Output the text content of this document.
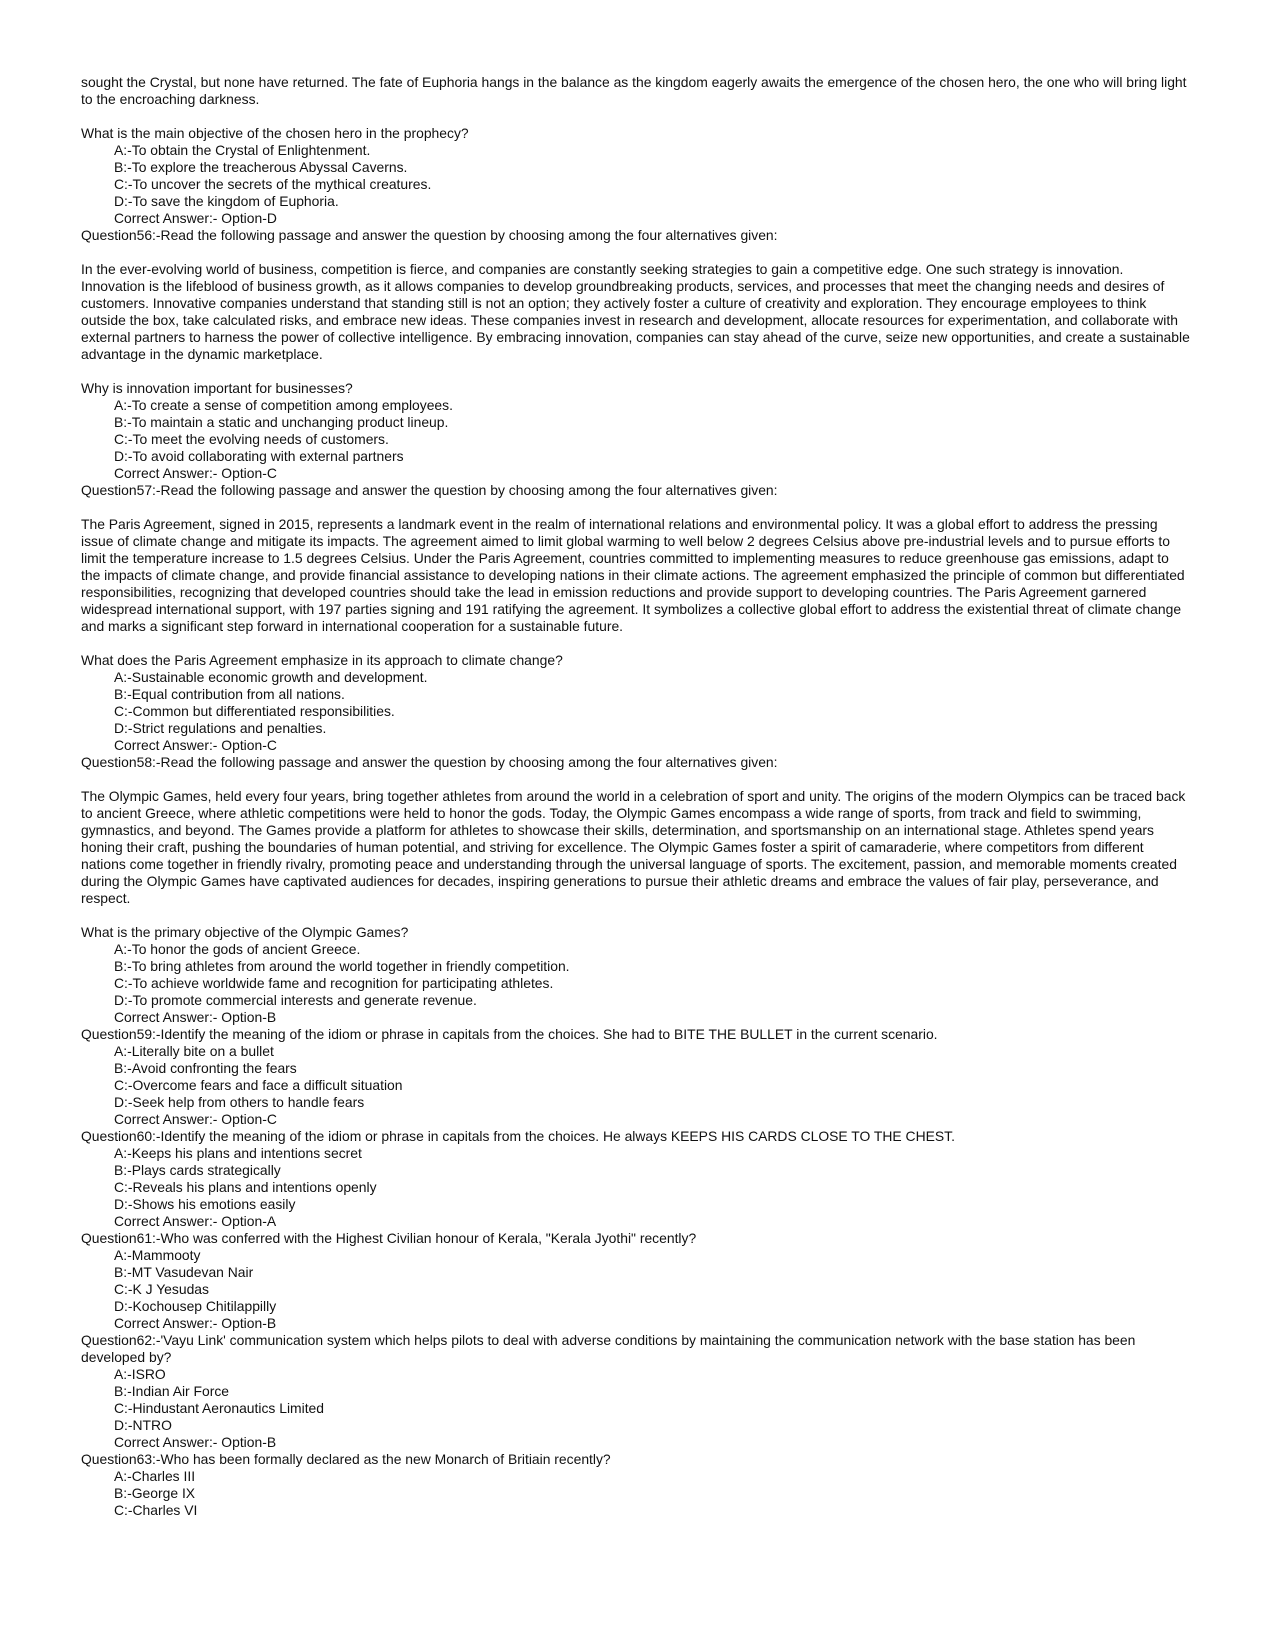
sought the Crystal, but none have returned. The fate of Euphoria hangs in the balance as the kingdom eagerly awaits the emergence of the chosen hero, the one who will bring light to the encroaching darkness.

What is the main objective of the chosen hero in the prophecy?

A:-To obtain the Crystal of Enlightenment.

B:-To explore the treacherous Abyssal Caverns.

C:-To uncover the secrets of the mythical creatures.

D:-To save the kingdom of Euphoria.

Correct Answer:- Option-D

Question56:-Read the following passage and answer the question by choosing among the four alternatives given:

In the ever-evolving world of business, competition is fierce, and companies are constantly seeking strategies to gain a competitive edge. One such strategy is innovation. Innovation is the lifeblood of business growth, as it allows companies to develop groundbreaking products, services, and processes that meet the changing needs and desires of customers. Innovative companies understand that standing still is not an option; they actively foster a culture of creativity and exploration. They encourage employees to think outside the box, take calculated risks, and embrace new ideas. These companies invest in research and development, allocate resources for experimentation, and collaborate with external partners to harness the power of collective intelligence. By embracing innovation, companies can stay ahead of the curve, seize new opportunities, and create a sustainable advantage in the dynamic marketplace.

Why is innovation important for businesses?

A:-To create a sense of competition among employees.

B:-To maintain a static and unchanging product lineup.

C:-To meet the evolving needs of customers.

D:-To avoid collaborating with external partners

Correct Answer:- Option-C

Question57:-Read the following passage and answer the question by choosing among the four alternatives given:

The Paris Agreement, signed in 2015, represents a landmark event in the realm of international relations and environmental policy. It was a global effort to address the pressing issue of climate change and mitigate its impacts. The agreement aimed to limit global warming to well below 2 degrees Celsius above pre-industrial levels and to pursue efforts to limit the temperature increase to 1.5 degrees Celsius. Under the Paris Agreement, countries committed to implementing measures to reduce greenhouse gas emissions, adapt to the impacts of climate change, and provide financial assistance to developing nations in their climate actions. The agreement emphasized the principle of common but differentiated responsibilities, recognizing that developed countries should take the lead in emission reductions and provide support to developing countries. The Paris Agreement garnered widespread international support, with 197 parties signing and 191 ratifying the agreement. It symbolizes a collective global effort to address the existential threat of climate change and marks a significant step forward in international cooperation for a sustainable future.

What does the Paris Agreement emphasize in its approach to climate change?

A:-Sustainable economic growth and development.

B:-Equal contribution from all nations.

C:-Common but differentiated responsibilities.

D:-Strict regulations and penalties.

Correct Answer:- Option-C

Question58:-Read the following passage and answer the question by choosing among the four alternatives given:

The Olympic Games, held every four years, bring together athletes from around the world in a celebration of sport and unity. The origins of the modern Olympics can be traced back to ancient Greece, where athletic competitions were held to honor the gods. Today, the Olympic Games encompass a wide range of sports, from track and field to swimming, gymnastics, and beyond. The Games provide a platform for athletes to showcase their skills, determination, and sportsmanship on an international stage. Athletes spend years honing their craft, pushing the boundaries of human potential, and striving for excellence. The Olympic Games foster a spirit of camaraderie, where competitors from different nations come together in friendly rivalry, promoting peace and understanding through the universal language of sports. The excitement, passion, and memorable moments created during the Olympic Games have captivated audiences for decades, inspiring generations to pursue their athletic dreams and embrace the values of fair play, perseverance, and respect.

What is the primary objective of the Olympic Games?

A:-To honor the gods of ancient Greece.

B:-To bring athletes from around the world together in friendly competition.

C:-To achieve worldwide fame and recognition for participating athletes.

D:-To promote commercial interests and generate revenue.

Correct Answer:- Option-B

Question59:-Identify the meaning of the idiom or phrase in capitals from the choices. She had to BITE THE BULLET in the current scenario.

A:-Literally bite on a bullet

B:-Avoid confronting the fears

C:-Overcome fears and face a difficult situation

D:-Seek help from others to handle fears

Correct Answer:- Option-C

Question60:-Identify the meaning of the idiom or phrase in capitals from the choices. He always KEEPS HIS CARDS CLOSE TO THE CHEST.

A:-Keeps his plans and intentions secret

B:-Plays cards strategically

C:-Reveals his plans and intentions openly

D:-Shows his emotions easily

Correct Answer:- Option-A

Question61:-Who was conferred with the Highest Civilian honour of Kerala, "Kerala Jyothi" recently?

A:-Mammooty

B:-MT Vasudevan Nair

C:-K J Yesudas

D:-Kochousep Chitilappilly

Correct Answer:- Option-B

Question62:-'Vayu Link' communication system which helps pilots to deal with adverse conditions by maintaining the communication network with the base station has been developed by?

A:-ISRO

B:-Indian Air Force

C:-Hindustant Aeronautics Limited

D:-NTRO

Correct Answer:- Option-B

Question63:-Who has been formally declared as the new Monarch of Britiain recently?

A:-Charles III

B:-George IX

C:-Charles VI
